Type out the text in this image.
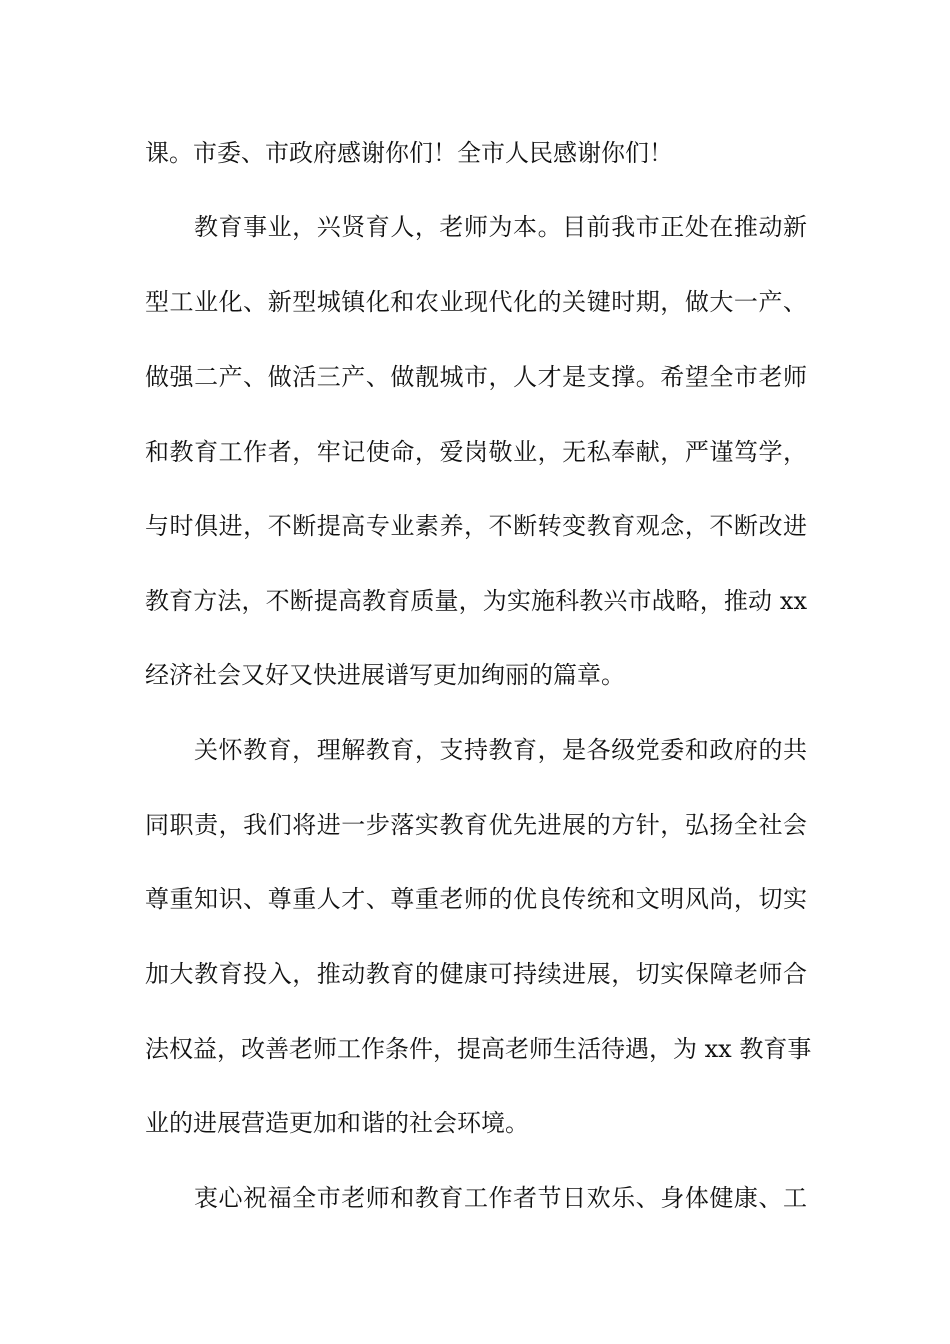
课。市委、市政府感谢你们！全市人民感谢你们！

教育事业，兴贤育人，老师为本。目前我市正处在推动新

型工业化、新型城镇化和农业现代化的关键时期，做大一产、

做强二产、做活三产、做靓城市，人才是支撑。希望全市老师

和教育工作者，牢记使命，爱岗敬业，无私奉献，严谨笃学，

与时俱进，不断提高专业素养，不断转变教育观念，不断改进

教育方法，不断提高教育质量，为实施科教兴市战略，推动 xx

经济社会又好又快进展谱写更加绚丽的篇章。

关怀教育，理解教育，支持教育，是各级党委和政府的共

同职责，我们将进一步落实教育优先进展的方针，弘扬全社会

尊重知识、尊重人才、尊重老师的优良传统和文明风尚，切实

加大教育投入，推动教育的健康可持续进展，切实保障老师合

法权益，改善老师工作条件，提高老师生活待遇，为 xx 教育事

业的进展营造更加和谐的社会环境。

衷心祝福全市老师和教育工作者节日欢乐、身体健康、工
